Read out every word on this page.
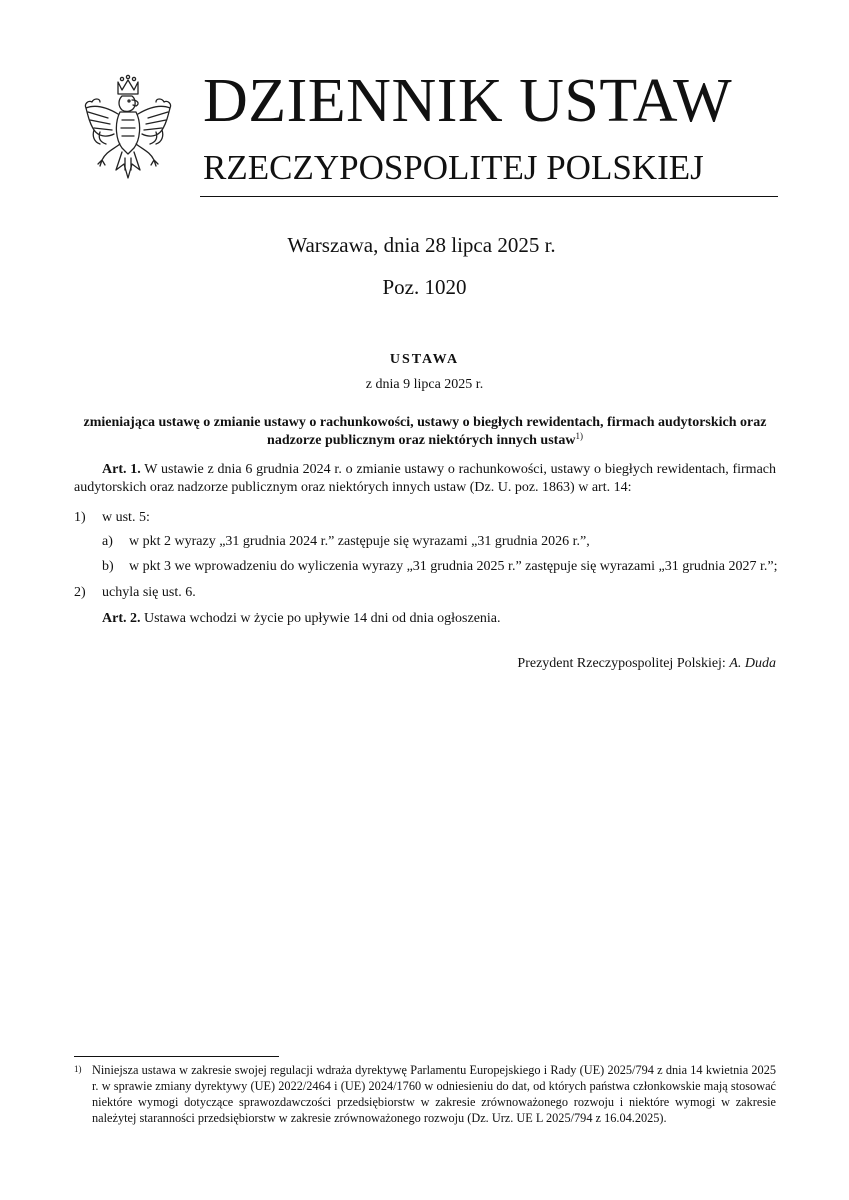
DZIENNIK USTAW
RZECZYPOSPOLITEJ POLSKIEJ
Warszawa, dnia 28 lipca 2025 r.
Poz. 1020
USTAWA
z dnia 9 lipca 2025 r.
zmieniająca ustawę o zmianie ustawy o rachunkowości, ustawy o biegłych rewidentach, firmach audytorskich oraz nadzorze publicznym oraz niektórych innych ustaw$^{1)}$
Art. 1. W ustawie z dnia 6 grudnia 2024 r. o zmianie ustawy o rachunkowości, ustawy o biegłych rewidentach, firmach audytorskich oraz nadzorze publicznym oraz niektórych innych ustaw (Dz. U. poz. 1863) w art. 14:
1) w ust. 5:
a) w pkt 2 wyrazy „31 grudnia 2024 r.” zastępuje się wyrazami „31 grudnia 2026 r.”,
b) w pkt 3 we wprowadzeniu do wyliczenia wyrazy „31 grudnia 2025 r.” zastępuje się wyrazami „31 grudnia 2027 r.”;
2) uchyla się ust. 6.
Art. 2. Ustawa wchodzi w życie po upływie 14 dni od dnia ogłoszenia.
Prezydent Rzeczypospolitej Polskiej: A. Duda
1) Niniejsza ustawa w zakresie swojej regulacji wdraża dyrektywę Parlamentu Europejskiego i Rady (UE) 2025/794 z dnia 14 kwietnia 2025 r. w sprawie zmiany dyrektywy (UE) 2022/2464 i (UE) 2024/1760 w odniesieniu do dat, od których państwa członkowskie mają stosować niektóre wymogi dotyczące sprawozdawczości przedsiębiorstw w zakresie zrównoważonego rozwoju i niektóre wymogi w zakresie należytej staranności przedsiębiorstw w zakresie zrównoważonego rozwoju (Dz. Urz. UE L 2025/794 z 16.04.2025).
